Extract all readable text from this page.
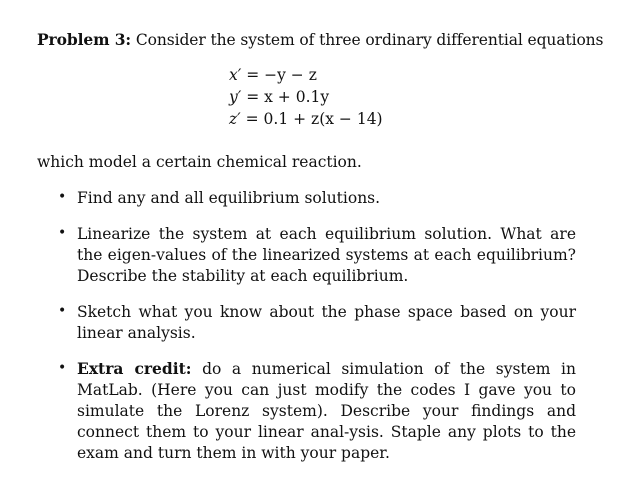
Problem 3: Consider the system of three ordinary differential equations
x′ = −y − z
y′ = x + 0.1y
z′ = 0.1 + z(x − 14)
which model a certain chemical reaction.
• Find any and all equilibrium solutions.
• Linearize the system at each equilibrium solution. What are the eigen-values of the linearized systems at each equilibrium? Describe the stability at each equilibrium.
• Sketch what you know about the phase space based on your linear analysis.
• Extra credit: do a numerical simulation of the system in MatLab. (Here you can just modify the codes I gave you to simulate the Lorenz system). Describe your findings and connect them to your linear anal-ysis. Staple any plots to the exam and turn them in with your paper.
